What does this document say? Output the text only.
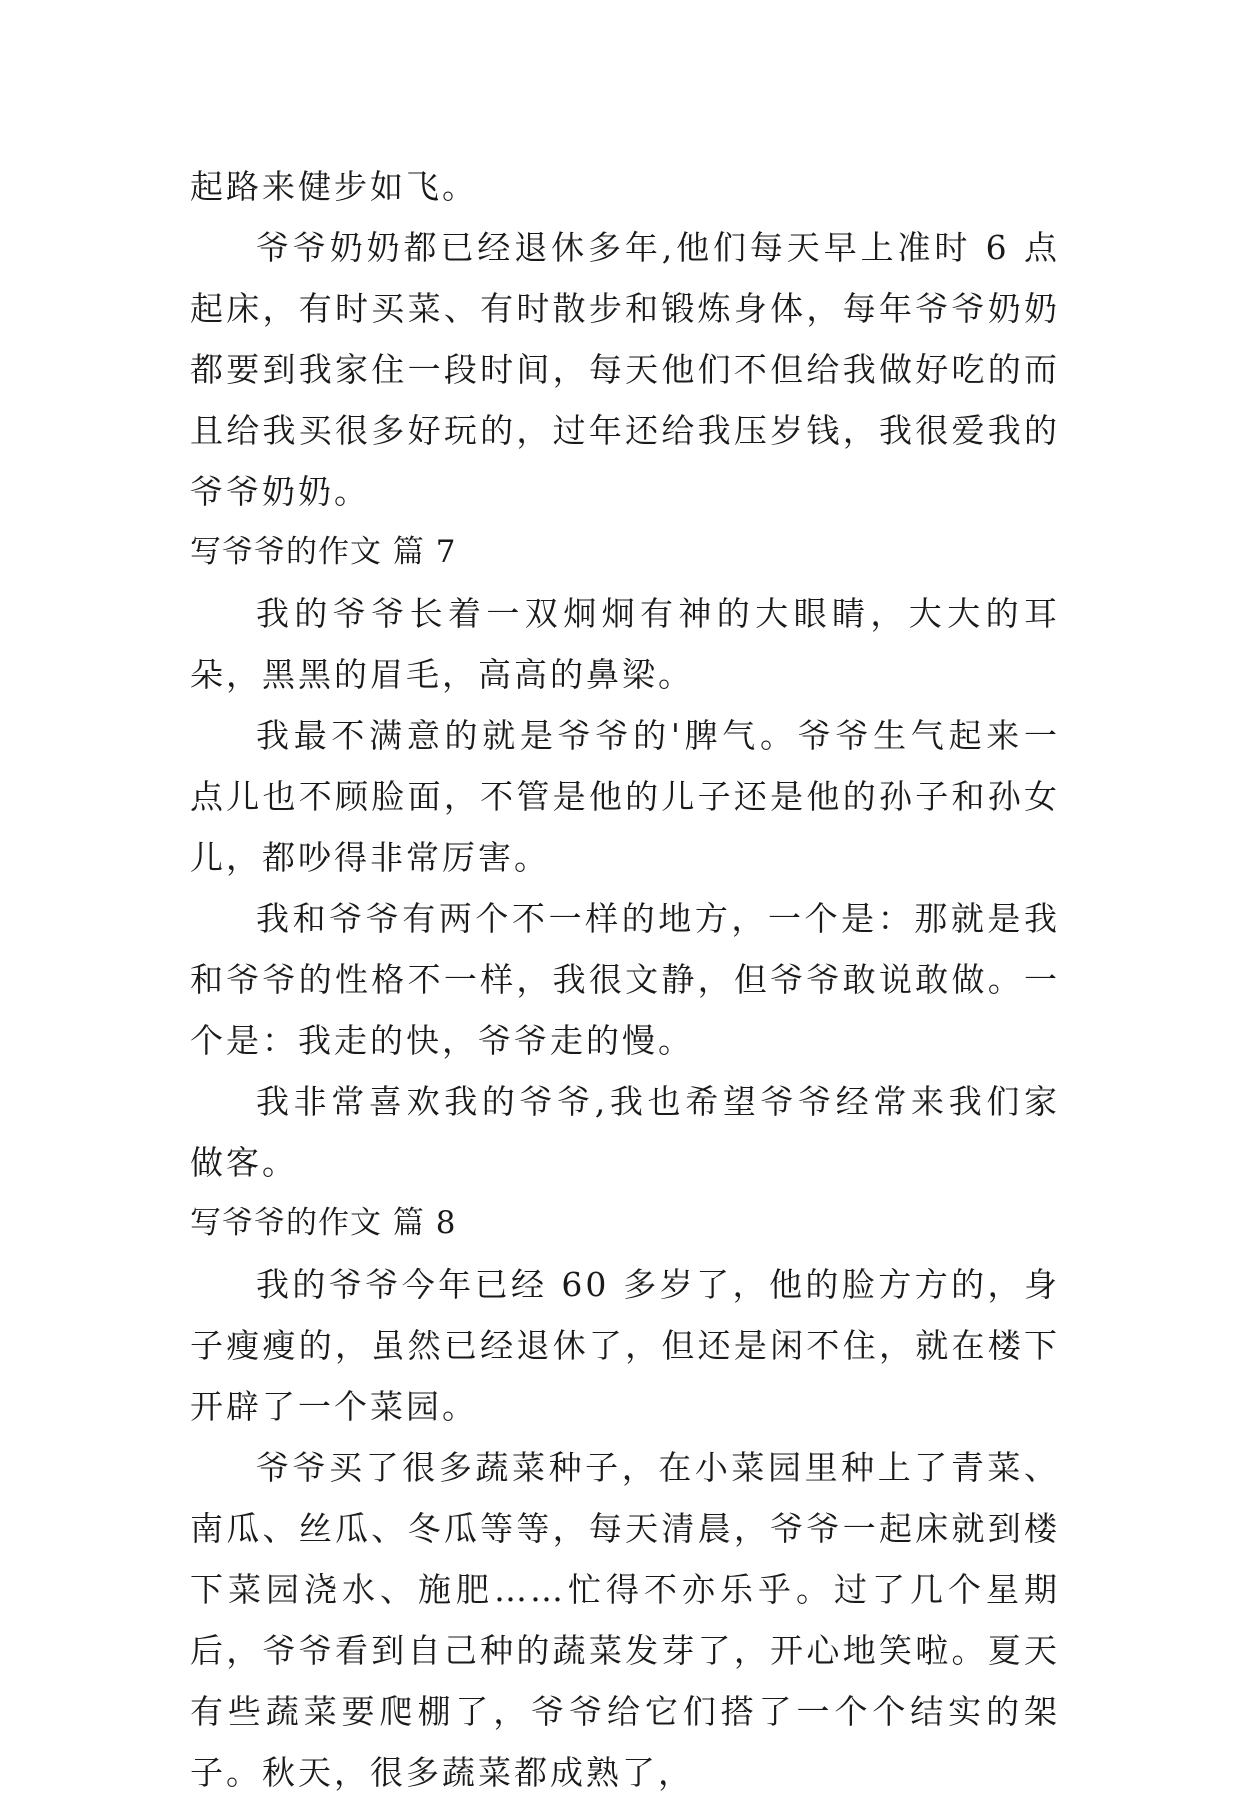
起路来健步如飞。

爷爷奶奶都已经退休多年,他们每天早上准时 6 点起床，有时买菜、有时散步和锻炼身体，每年爷爷奶奶都要到我家住一段时间，每天他们不但给我做好吃的而且给我买很多好玩的，过年还给我压岁钱，我很爱我的爷爷奶奶。

写爷爷的作文 篇 7

我的爷爷长着一双炯炯有神的大眼睛，大大的耳朵，黑黑的眉毛，高高的鼻梁。

我最不满意的就是爷爷的'脾气。爷爷生气起来一点儿也不顾脸面，不管是他的儿子还是他的孙子和孙女儿，都吵得非常厉害。

我和爷爷有两个不一样的地方，一个是：那就是我和爷爷的性格不一样，我很文静，但爷爷敢说敢做。一个是：我走的快，爷爷走的慢。

我非常喜欢我的爷爷,我也希望爷爷经常来我们家做客。

写爷爷的作文 篇 8

我的爷爷今年已经 60 多岁了，他的脸方方的，身子瘦瘦的，虽然已经退休了，但还是闲不住，就在楼下开辟了一个菜园。

爷爷买了很多蔬菜种子，在小菜园里种上了青菜、南瓜、丝瓜、冬瓜等等，每天清晨，爷爷一起床就到楼下菜园浇水、施肥……忙得不亦乐乎。过了几个星期后，爷爷看到自己种的蔬菜发芽了，开心地笑啦。夏天有些蔬菜要爬棚了，爷爷给它们搭了一个个结实的架子。秋天，很多蔬菜都成熟了，
